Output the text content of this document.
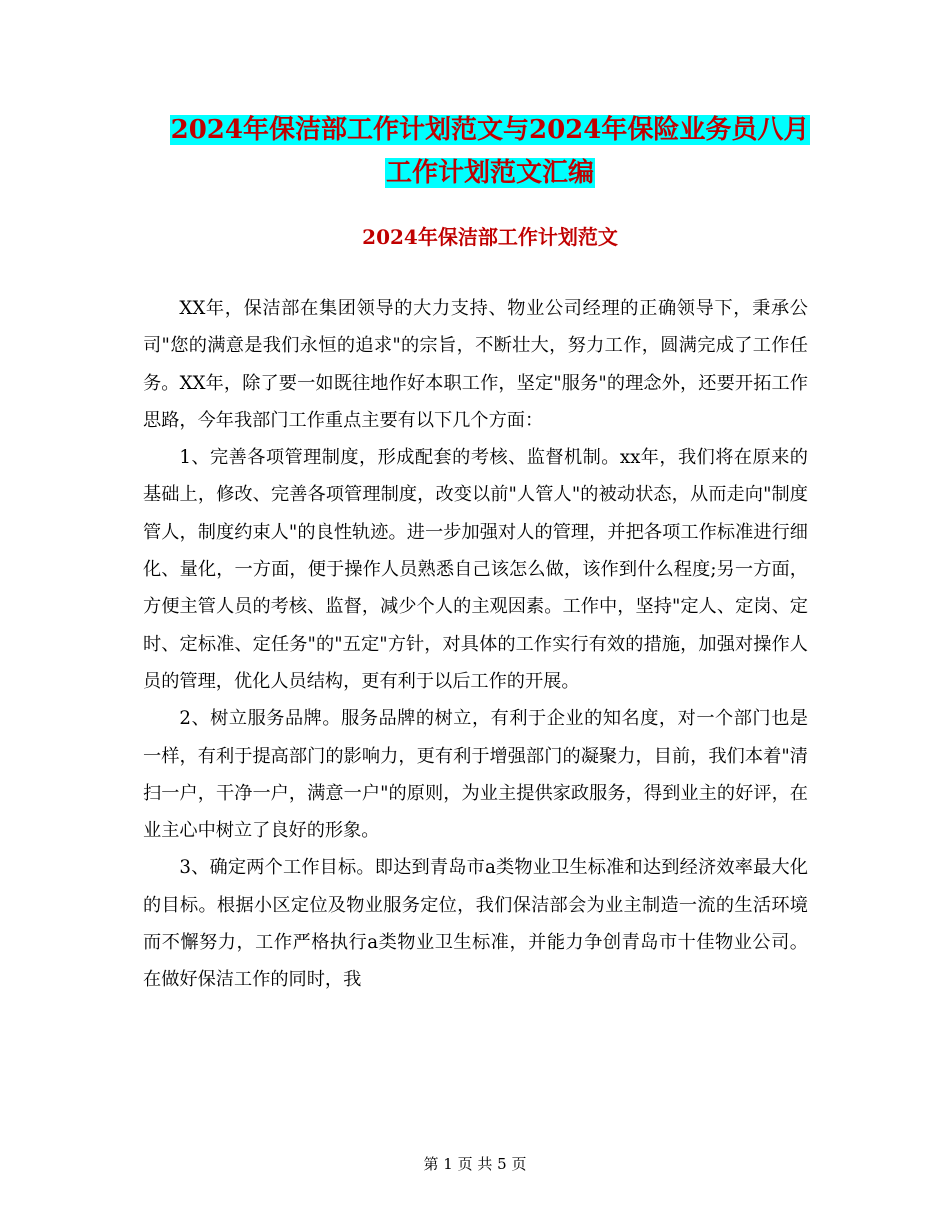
2024年保洁部工作计划范文与2024年保险业务员八月
工作计划范文汇编
2024年保洁部工作计划范文

XX年，保洁部在集团领导的大力支持、物业公司经理的正确领导下，秉承公司"您的满意是我们永恒的追求"的宗旨，不断壮大，努力工作，圆满完成了工作任务。XX年，除了要一如既往地作好本职工作，坚定"服务"的理念外，还要开拓工作思路，今年我部门工作重点主要有以下几个方面：

1、完善各项管理制度，形成配套的考核、监督机制。xx年，我们将在原来的基础上，修改、完善各项管理制度，改变以前"人管人"的被动状态，从而走向"制度管人，制度约束人"的良性轨迹。进一步加强对人的管理，并把各项工作标准进行细化、量化，一方面，便于操作人员熟悉自己该怎么做，该作到什么程度;另一方面，方便主管人员的考核、监督，减少个人的主观因素。工作中，坚持"定人、定岗、定时、定标准、定任务"的"五定"方针，对具体的工作实行有效的措施，加强对操作人员的管理，优化人员结构，更有利于以后工作的开展。

2、树立服务品牌。服务品牌的树立，有利于企业的知名度，对一个部门也是一样，有利于提高部门的影响力，更有利于增强部门的凝聚力，目前，我们本着"清扫一户，干净一户，满意一户"的原则，为业主提供家政服务，得到业主的好评，在业主心中树立了良好的形象。

3、确定两个工作目标。即达到青岛市a类物业卫生标准和达到经济效率最大化的目标。根据小区定位及物业服务定位，我们保洁部会为业主制造一流的生活环境而不懈努力，工作严格执行a类物业卫生标准，并能力争创青岛市十佳物业公司。在做好保洁工作的同时，我

第 1 页 共 5 页
